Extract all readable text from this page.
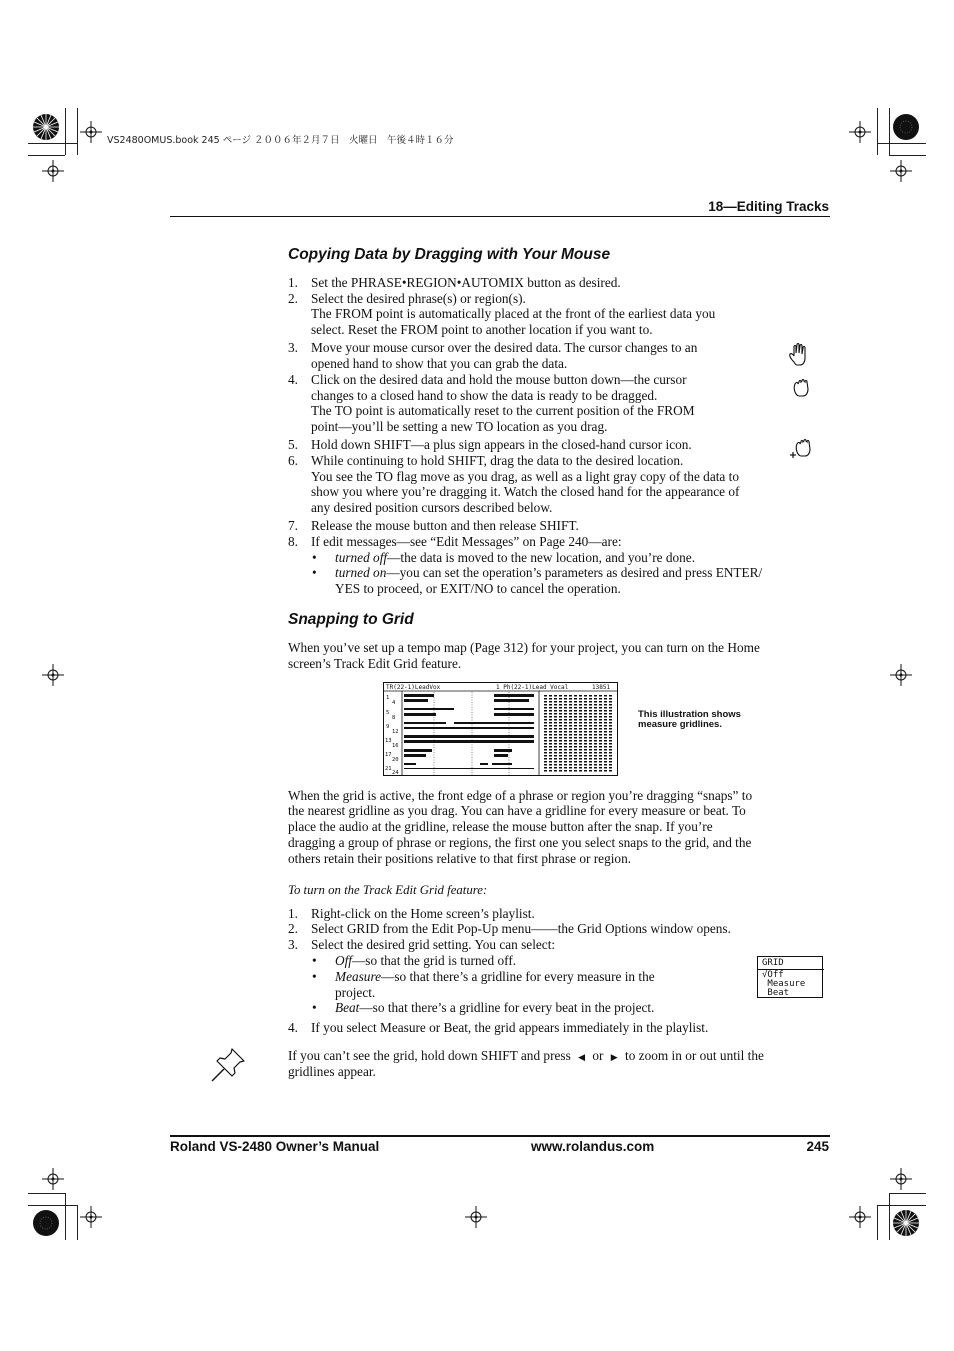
VS2480OMUS.book 245 ページ ２００６年２月７日　火曜日　午後４時１６分
18—Editing Tracks
Copying Data by Dragging with Your Mouse
1. Set the PHRASE•REGION•AUTOMIX button as desired.
2. Select the desired phrase(s) or region(s).
The FROM point is automatically placed at the front of the earliest data you
select. Reset the FROM point to another location if you want to.
3. Move your mouse cursor over the desired data. The cursor changes to an
opened hand to show that you can grab the data.
4. Click on the desired data and hold the mouse button down—the cursor
changes to a closed hand to show the data is ready to be dragged.
The TO point is automatically reset to the current position of the FROM
point—you’ll be setting a new TO location as you drag.
5. Hold down SHIFT—a plus sign appears in the closed-hand cursor icon.
6. While continuing to hold SHIFT, drag the data to the desired location.
You see the TO flag move as you drag, as well as a light gray copy of the data to
show you where you’re dragging it. Watch the closed hand for the appearance of
any desired position cursors described below.
7. Release the mouse button and then release SHIFT.
8. If edit messages—see “Edit Messages” on Page 240—are:
• turned off—the data is moved to the new location, and you’re done.
• turned on—you can set the operation’s parameters as desired and press ENTER/
YES to proceed, or EXIT/NO to cancel the operation.
Snapping to Grid
When you’ve set up a tempo map (Page 312) for your project, you can turn on the Home
screen’s Track Edit Grid feature.
TR(22-1)LeadVox	1 Ph(22-1)Lead Vocal	13851
1
4
5
8
9
12
13
16
17
20
21
24
This illustration shows
measure gridlines.
When the grid is active, the front edge of a phrase or region you’re dragging “snaps” to
the nearest gridline as you drag. You can have a gridline for every measure or beat. To
place the audio at the gridline, release the mouse button after the snap. If you’re
dragging a group of phrase or regions, the first one you select snaps to the grid, and the
others retain their positions relative to that first phrase or region.
To turn on the Track Edit Grid feature:
1. Right-click on the Home screen’s playlist.
2. Select GRID from the Edit Pop-Up menu——the Grid Options window opens.
3. Select the desired grid setting. You can select:
• Off—so that the grid is turned off.
• Measure—so that there’s a gridline for every measure in the
project.
• Beat—so that there’s a gridline for every beat in the project.
4. If you select Measure or Beat, the grid appears immediately in the playlist.
GRID
√Off
Measure
Beat
If you can’t see the grid, hold down SHIFT and press ◀ or ▶ to zoom in or out until the
gridlines appear.
Roland VS-2480 Owner’s Manual	www.rolandus.com	245
